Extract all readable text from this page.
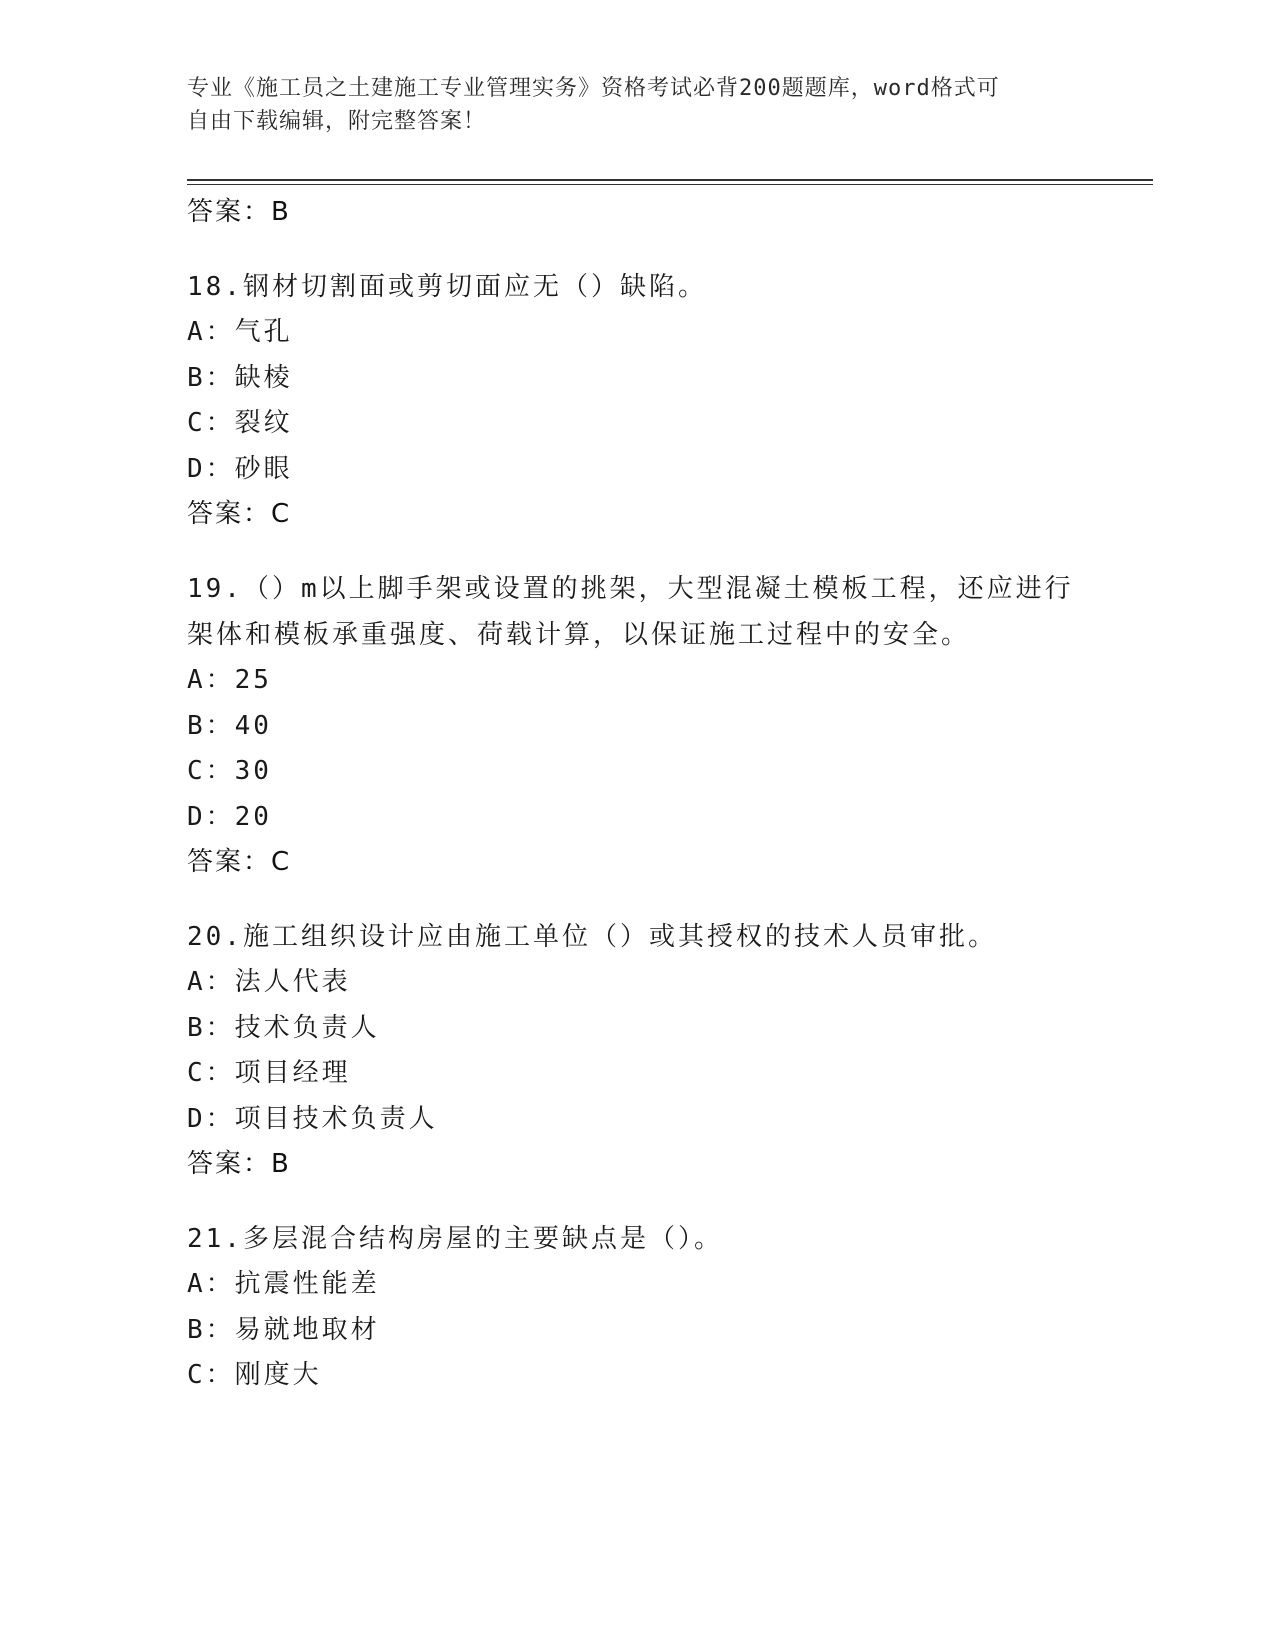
专业《施工员之土建施工专业管理实务》资格考试必背200题题库，word格式可
自由下载编辑，附完整答案！
答案：B
18.钢材切割面或剪切面应无（）缺陷。
A：气孔
B：缺棱
C：裂纹
D：砂眼
答案：C
19.（）m以上脚手架或设置的挑架，大型混凝土模板工程，还应进行架体和模板承重强度、荷载计算，以保证施工过程中的安全。
A：25
B：40
C：30
D：20
答案：C
20.施工组织设计应由施工单位（）或其授权的技术人员审批。
A：法人代表
B：技术负责人
C：项目经理
D：项目技术负责人
答案：B
21.多层混合结构房屋的主要缺点是（）。
A：抗震性能差
B：易就地取材
C：刚度大
